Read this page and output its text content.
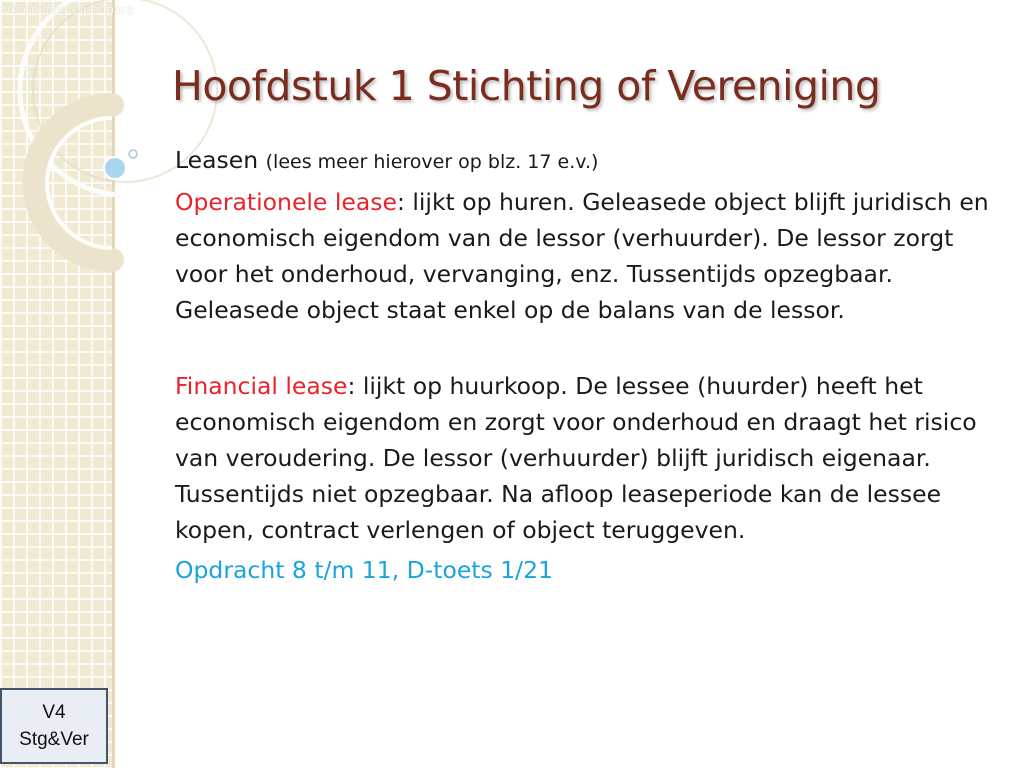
Vereniging Openbare
Hoofdstuk 1 Stichting of Vereniging

Leasen (lees meer hierover op blz. 17 e.v.)

Operationele lease: lijkt op huren. Geleasede object blijft juridisch en economisch eigendom van de lessor (verhuurder). De lessor zorgt voor het onderhoud, vervanging, enz. Tussentijds opzegbaar. Geleasede object staat enkel op de balans van de lessor.

Financial lease: lijkt op huurkoop. De lessee (huurder) heeft het economisch eigendom en zorgt voor onderhoud en draagt het risico van veroudering. De lessor (verhuurder) blijft juridisch eigenaar. Tussentijds niet opzegbaar. Na afloop leaseperiode kan de lessee kopen, contract verlengen of object teruggeven.

Opdracht 8 t/m 11, D-toets 1/21

V4
Stg&Ver
